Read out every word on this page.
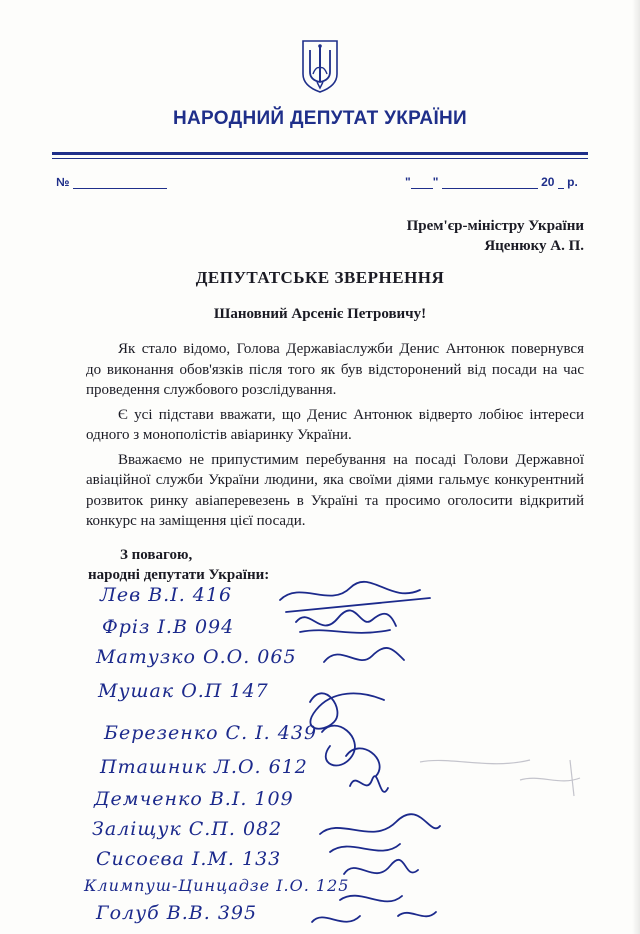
НАРОДНИЙ ДЕПУТАТ УКРАЇНИ
№	" "	20 р.
Прем'єр-міністру України
Яценюку А. П.
ДЕПУТАТСЬКЕ ЗВЕРНЕННЯ
Шановний Арсеніє Петровичу!

Як стало відомо, Голова Державіаслужби Денис Антонюк повернувся до виконання обов'язків після того як був відсторонений від посади на час проведення службового розслідування.

Є усі підстави вважати, що Денис Антонюк відверто лобіює інтереси одного з монополістів авіаринку України.

Вважаємо не припустимим перебування на посаді Голови Державної авіаційної служби України людини, яка своїми діями гальмує конкурентний розвиток ринку авіаперевезень в Україні та просимо оголосити відкритий конкурс на заміщення цієї посади.

З повагою,
народні депутати України:
Лев В.І. 416
Фріз І.В 094
Матузко О.О. 065
Мушак О.П 147
Березенко С. І. 439
Пташник Л.О. 612
Демченко В.І. 109
Заліщук С.П. 082
Сисоєва І.М. 133
Климпуш-Цинцадзе І.О. 125
Голуб В.В. 395
